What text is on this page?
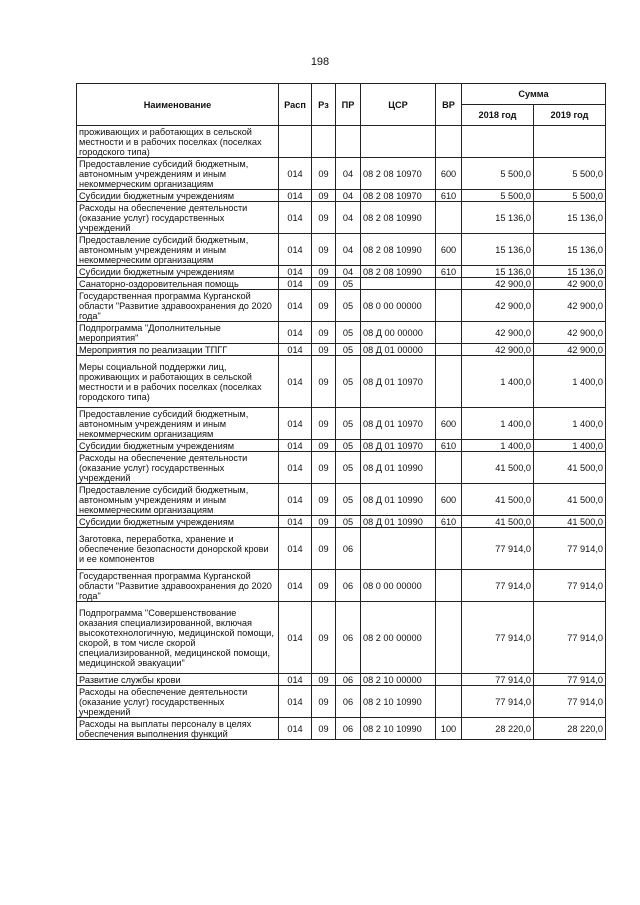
198
Наименование	Расп	Рз	ПР	ЦСР	ВР	Сумма	
						2018 год	2019 год
проживающих и работающих в сельской местности и в рабочих поселках (поселках городского типа)							
Предоставление субсидий бюджетным, автономным учреждениям и иным некоммерческим организациям	014	09	04	08 2 08 10970	600	5 500,0	5 500,0
Субсидии бюджетным учреждениям	014	09	04	08 2 08 10970	610	5 500,0	5 500,0
Расходы на обеспечение деятельности (оказание услуг) государственных учреждений	014	09	04	08 2 08 10990		15 136,0	15 136,0
Предоставление субсидий бюджетным, автономным учреждениям и иным некоммерческим организациям	014	09	04	08 2 08 10990	600	15 136,0	15 136,0
Субсидии бюджетным учреждениям	014	09	04	08 2 08 10990	610	15 136,0	15 136,0
Санаторно-оздоровительная помощь	014	09	05			42 900,0	42 900,0
Государственная программа Курганской области "Развитие здравоохранения до 2020 года"	014	09	05	08 0 00 00000		42 900,0	42 900,0
Подпрограмма "Дополнительные мероприятия"	014	09	05	08 Д 00 00000		42 900,0	42 900,0
Мероприятия по реализации ТПГГ	014	09	05	08 Д 01 00000		42 900,0	42 900,0
Меры социальной поддержки лиц, проживающих и работающих в сельской местности и в рабочих поселках (поселках городского типа)	014	09	05	08 Д 01 10970		1 400,0	1 400,0
Предоставление субсидий бюджетным, автономным учреждениям и иным некоммерческим организациям	014	09	05	08 Д 01 10970	600	1 400,0	1 400,0
Субсидии бюджетным учреждениям	014	09	05	08 Д 01 10970	610	1 400,0	1 400,0
Расходы на обеспечение деятельности (оказание услуг) государственных учреждений	014	09	05	08 Д 01 10990		41 500,0	41 500,0
Предоставление субсидий бюджетным, автономным учреждениям и иным некоммерческим организациям	014	09	05	08 Д 01 10990	600	41 500,0	41 500,0
Субсидии бюджетным учреждениям	014	09	05	08 Д 01 10990	610	41 500,0	41 500,0
Заготовка, переработка, хранение и обеспечение безопасности донорской крови и ее компонентов	014	09	06			77 914,0	77 914,0
Государственная программа Курганской области "Развитие здравоохранения до 2020 года"	014	09	06	08 0 00 00000		77 914,0	77 914,0
Подпрограмма "Совершенствование оказания специализированной, включая высокотехнологичную, медицинской помощи, скорой, в том числе скорой специализированной, медицинской помощи, медицинской эвакуации"	014	09	06	08 2 00 00000		77 914,0	77 914,0
Развитие службы крови	014	09	06	08 2 10 00000		77 914,0	77 914,0
Расходы на обеспечение деятельности (оказание услуг) государственных учреждений	014	09	06	08 2 10 10990		77 914,0	77 914,0
Расходы на выплаты персоналу в целях обеспечения выполнения функций	014	09	06	08 2 10 10990	100	28 220,0	28 220,0
